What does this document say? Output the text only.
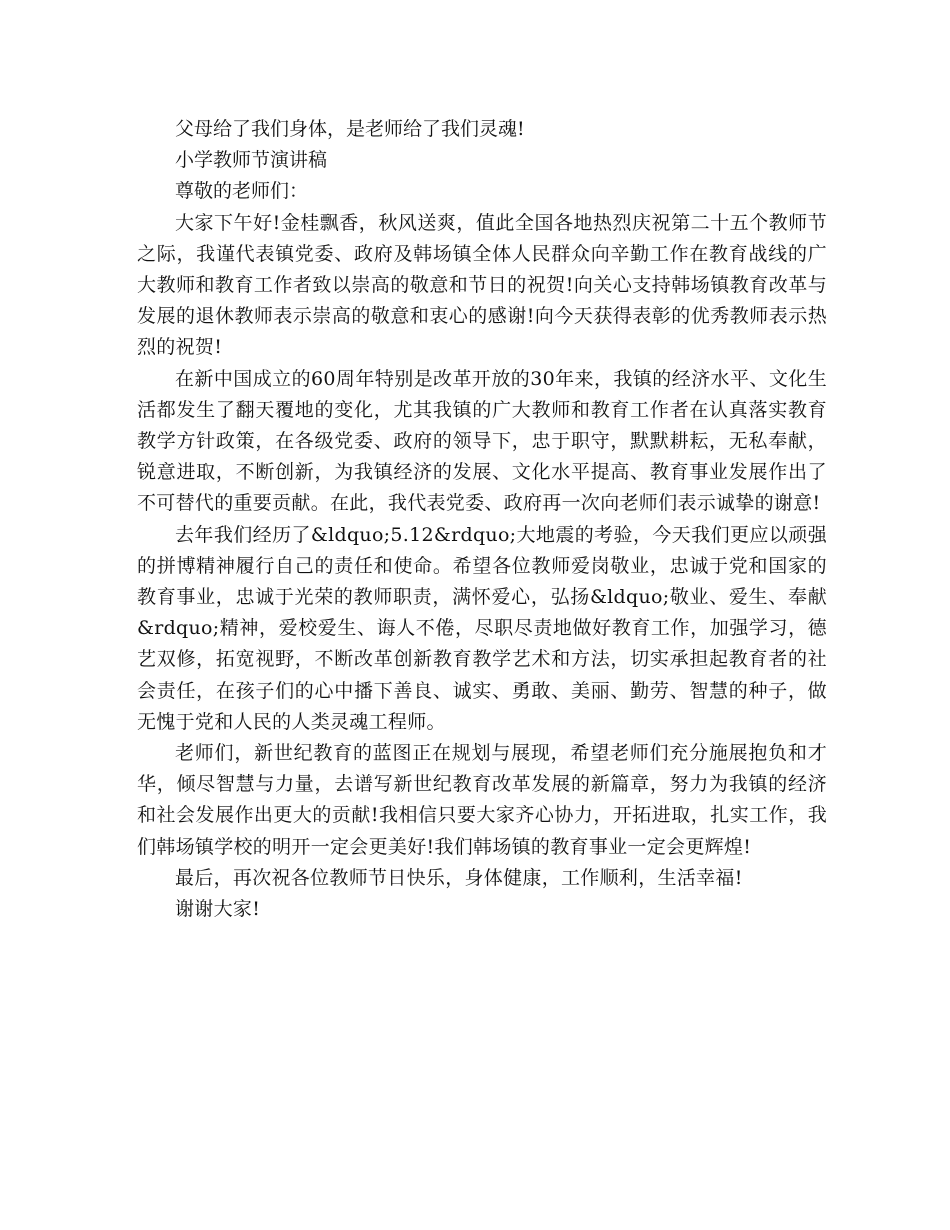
父母给了我们身体，是老师给了我们灵魂!

小学教师节演讲稿

尊敬的老师们：

大家下午好!金桂飘香，秋风送爽，值此全国各地热烈庆祝第二十五个教师节之际，我谨代表镇党委、政府及韩场镇全体人民群众向辛勤工作在教育战线的广大教师和教育工作者致以崇高的敬意和节日的祝贺!向关心支持韩场镇教育改革与发展的退休教师表示崇高的敬意和衷心的感谢!向今天获得表彰的优秀教师表示热烈的祝贺!

在新中国成立的60周年特别是改革开放的30年来，我镇的经济水平、文化生活都发生了翻天覆地的变化，尤其我镇的广大教师和教育工作者在认真落实教育教学方针政策，在各级党委、政府的领导下，忠于职守，默默耕耘，无私奉献，锐意进取，不断创新，为我镇经济的发展、文化水平提高、教育事业发展作出了不可替代的重要贡献。在此，我代表党委、政府再一次向老师们表示诚挚的谢意!

去年我们经历了&ldquo;5.12&rdquo;大地震的考验，今天我们更应以顽强的拼博精神履行自己的责任和使命。希望各位教师爱岗敬业，忠诚于党和国家的教育事业，忠诚于光荣的教师职责，满怀爱心，弘扬&ldquo;敬业、爱生、奉献&rdquo;精神，爱校爱生、诲人不倦，尽职尽责地做好教育工作，加强学习，德艺双修，拓宽视野，不断改革创新教育教学艺术和方法，切实承担起教育者的社会责任，在孩子们的心中播下善良、诚实、勇敢、美丽、勤劳、智慧的种子，做无愧于党和人民的人类灵魂工程师。

老师们，新世纪教育的蓝图正在规划与展现，希望老师们充分施展抱负和才华，倾尽智慧与力量，去谱写新世纪教育改革发展的新篇章，努力为我镇的经济和社会发展作出更大的贡献!我相信只要大家齐心协力，开拓进取，扎实工作，我们韩场镇学校的明开一定会更美好!我们韩场镇的教育事业一定会更辉煌!

最后，再次祝各位教师节日快乐，身体健康，工作顺利，生活幸福!

谢谢大家!
